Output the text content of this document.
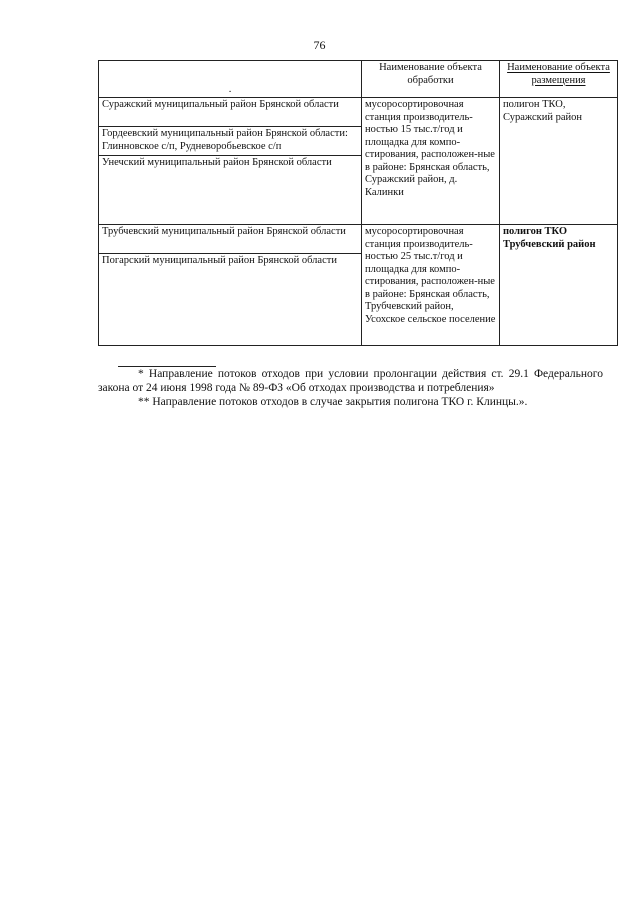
76
.	Наименование объекта обработки	Наименование объекта размещения

Суражский муниципальный район Брянской области
Гордеевский муниципальный район Брянской области: Глинновское с/п, Рудневоробьевское с/п
Унечский муниципальный район Брянской области	мусоросортировочная станция производитель-ностью 15 тыс.т/год и площадка для компо-стирования, расположен-ные в районе: Брянская область, Суражский район, д. Калинки	полигон ТКО, Суражский район

Трубчевский муниципальный район Брянской области
Погарский муниципальный район Брянской области	мусоросортировочная станция производитель-ностью 25 тыс.т/год и площадка для компо-стирования, расположен-ные в районе: Брянская область, Трубчевский район, Усохское сельское поселение	полигон ТКО Трубчевский район

* Направление потоков отходов при условии пролонгации действия ст. 29.1 Федерального закона от 24 июня 1998 года № 89-ФЗ «Об отходах производства и потребления»

** Направление потоков отходов в случае закрытия полигона ТКО г. Клинцы.».
